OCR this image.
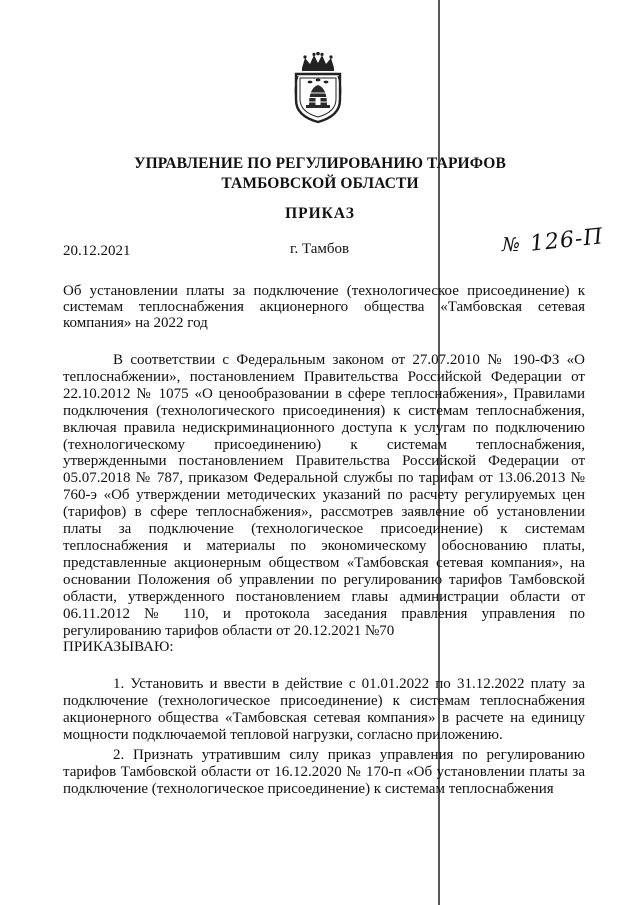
УПРАВЛЕНИЕ ПО РЕГУЛИРОВАНИЮ ТАРИФОВ
ТАМБОВСКОЙ ОБЛАСТИ
ПРИКАЗ
20.12.2021	г. Тамбов	№ 126-П
Об установлении платы за подключение (технологическое присоединение) к системам теплоснабжения акционерного общества «Тамбовская сетевая компания» на 2022 год

В соответствии с Федеральным законом от 27.07.2010 № 190-ФЗ «О теплоснабжении», постановлением Правительства Российской Федерации от 22.10.2012 № 1075 «О ценообразовании в сфере теплоснабжения», Правилами подключения (технологического присоединения) к системам теплоснабжения, включая правила недискриминационного доступа к услугам по подключению (технологическому присоединению) к системам теплоснабжения, утвержденными постановлением Правительства Российской Федерации от 05.07.2018 № 787, приказом Федеральной службы по тарифам от 13.06.2013 № 760-э «Об утверждении методических указаний по расчету регулируемых цен (тарифов) в сфере теплоснабжения», рассмотрев заявление об установлении платы за подключение (технологическое присоединение) к системам теплоснабжения и материалы по экономическому обоснованию платы, представленные акционерным обществом «Тамбовская сетевая компания», на основании Положения об управлении по регулированию тарифов Тамбовской области, утвержденного постановлением главы администрации области от 06.11.2012 № 110, и протокола заседания правления управления по регулированию тарифов области от 20.12.2021 №70

ПРИКАЗЫВАЮ:

1. Установить и ввести в действие с 01.01.2022 по 31.12.2022 плату за подключение (технологическое присоединение) к системам теплоснабжения акционерного общества «Тамбовская сетевая компания» в расчете на единицу мощности подключаемой тепловой нагрузки, согласно приложению.

2. Признать утратившим силу приказ управления по регулированию тарифов Тамбовской области от 16.12.2020 № 170-п «Об установлении платы за подключение (технологическое присоединение) к системам теплоснабжения
